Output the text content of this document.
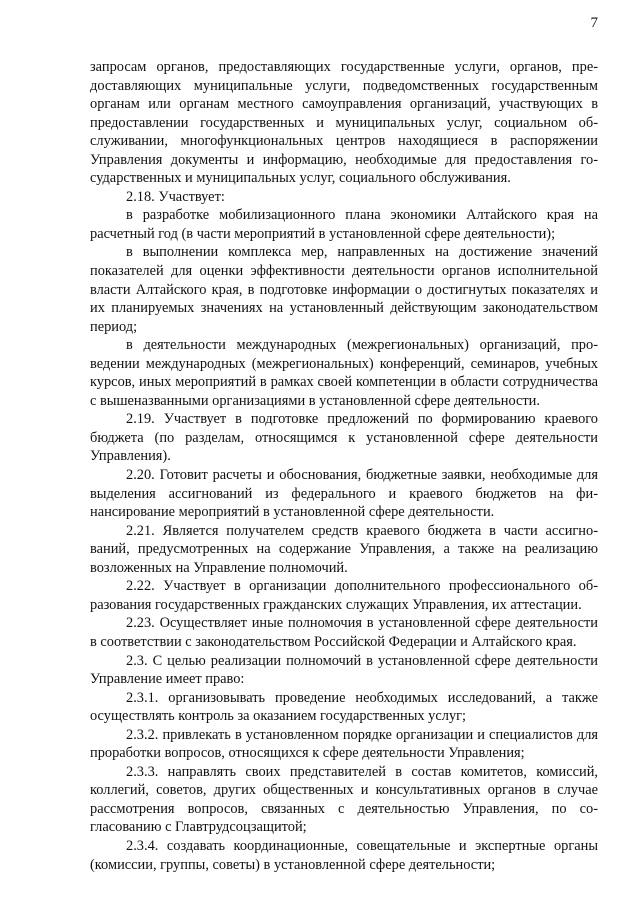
7

запросам органов, предоставляющих государственные услуги, органов, предоставляющих муниципальные услуги, подведомственных государственным органам или органам местного самоуправления организаций, участвующих в предоставлении государственных и муниципальных услуг, социальном обслуживании, многофункциональных центров находящиеся в распоряжении Управления документы и информацию, необходимые для предоставления государственных и муниципальных услуг, социального обслуживания.

2.18. Участвует:

в разработке мобилизационного плана экономики Алтайского края на расчетный год (в части мероприятий в установленной сфере деятельности);

в выполнении комплекса мер, направленных на достижение значений показателей для оценки эффективности деятельности органов исполнительной власти Алтайского края, в подготовке информации о достигнутых показателях и их планируемых значениях на установленный действующим законодательством период;

в деятельности международных (межрегиональных) организаций, проведении международных (межрегиональных) конференций, семинаров, учебных курсов, иных мероприятий в рамках своей компетенции в области сотрудничества с вышеназванными организациями в установленной сфере деятельности.

2.19. Участвует в подготовке предложений по формированию краевого бюджета (по разделам, относящимся к установленной сфере деятельности Управления).

2.20. Готовит расчеты и обоснования, бюджетные заявки, необходимые для выделения ассигнований из федерального и краевого бюджетов на финансирование мероприятий в установленной сфере деятельности.

2.21. Является получателем средств краевого бюджета в части ассигнований, предусмотренных на содержание Управления, а также на реализацию возложенных на Управление полномочий.

2.22. Участвует в организации дополнительного профессионального образования государственных гражданских служащих Управления, их аттестации.

2.23. Осуществляет иные полномочия в установленной сфере деятельности в соответствии с законодательством Российской Федерации и Алтайского края.

2.3. С целью реализации полномочий в установленной сфере деятельности Управление имеет право:

2.3.1. организовывать проведение необходимых исследований, а также осуществлять контроль за оказанием государственных услуг;

2.3.2. привлекать в установленном порядке организации и специалистов для проработки вопросов, относящихся к сфере деятельности Управления;

2.3.3. направлять своих представителей в состав комитетов, комиссий, коллегий, советов, других общественных и консультативных органов в случае рассмотрения вопросов, связанных с деятельностью Управления, по согласованию с Главтрудсоцзащитой;

2.3.4. создавать координационные, совещательные и экспертные органы (комиссии, группы, советы) в установленной сфере деятельности;
